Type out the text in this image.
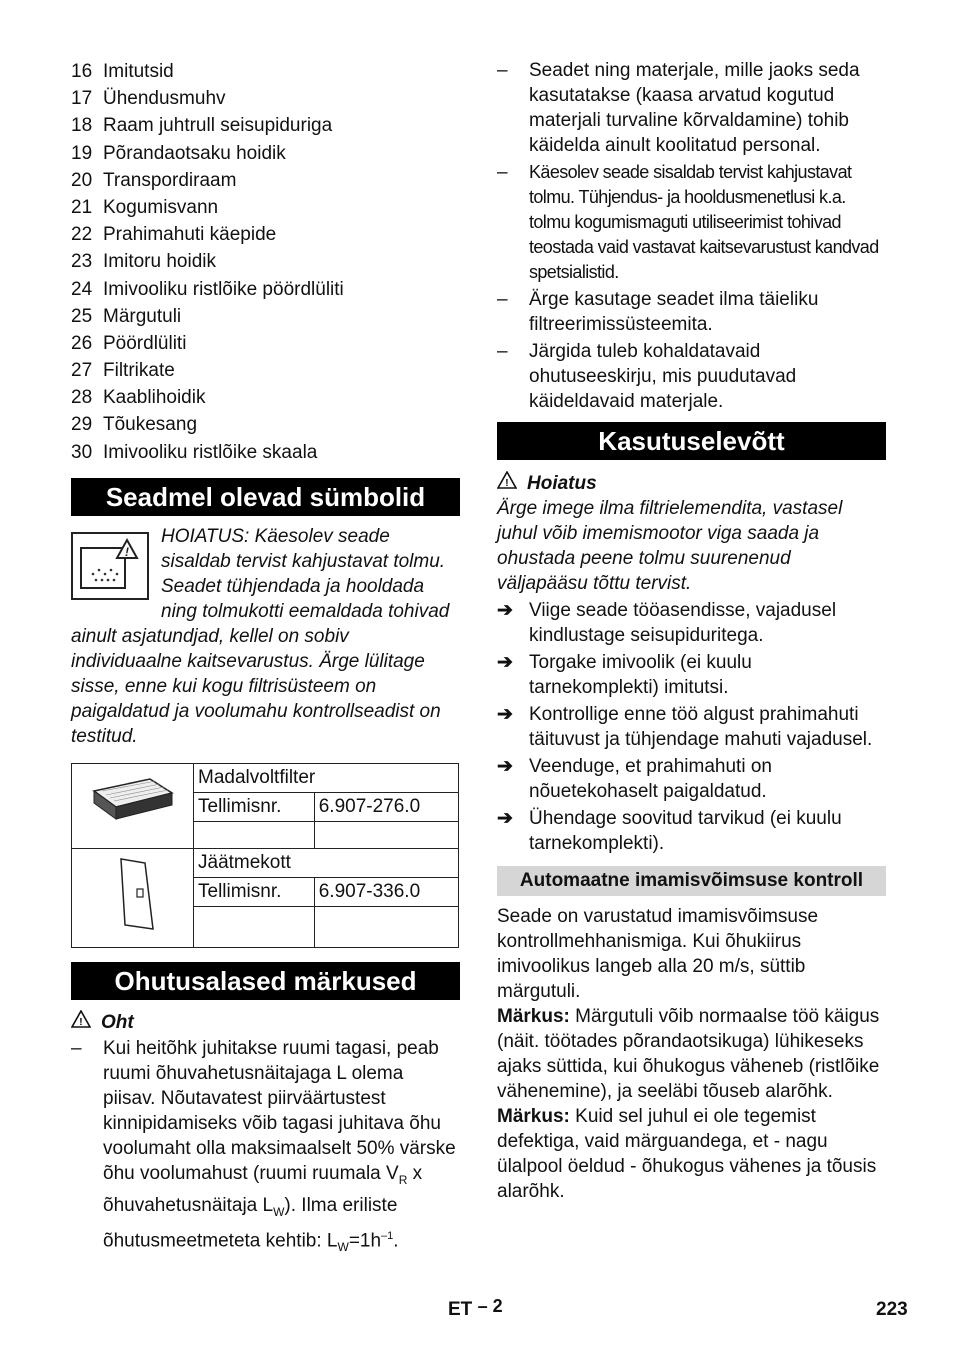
16 Imitutsid
17 Ühendusmuhv
18 Raam juhtrull seisupiduriga
19 Põrandaotsaku hoidik
20 Transpordiraam
21 Kogumisvann
22 Prahimahuti käepide
23 Imitoru hoidik
24 Imivooliku ristlõike pöördlüliti
25 Märgutuli
26 Pöördlüliti
27 Filtrikate
28 Kaablihoidik
29 Tõukesang
30 Imivooliku ristlõike skaala
Seadmel olevad sümbolid
!

HOIATUS: Käesolev seade sisaldab tervist kahjustavat tolmu. Seadet tühjendada ja hooldada ning tolmukotti eemaldada tohivad ainult asjatundjad, kellel on sobiv individuaalne kaitsevarustus. Ärge lülitage sisse, enne kui kogu filtrisüsteem on paigaldatud ja voolumahu kontrollseadist on testitud.

	Madalvoltfilter	
	Tellimisnr.	6.907-276.0

	Jäätmekott	
	Tellimisnr.	6.907-336.0

Ohutusalased märkused
! Oht
–	Kui heitõhk juhitakse ruumi tagasi, peab ruumi õhuvahetusnäitajaga L olema piisav. Nõutavatest piirväärtustest kinnipidamiseks võib tagasi juhitava õhu voolumaht olla maksimaalselt 50% värske õhu voolumahust (ruumi ruumala $V_R$ x õhuvahetusnäitaja $L_W$). Ilma eriliste õhutusmeetmeteta kehtib: $L_W=1h^{-1}$.
–	Seadet ning materjale, mille jaoks seda kasutatakse (kaasa arvatud kogutud materjali turvaline kõrvaldamine) tohib käidelda ainult koolitatud personal.
–	Käesolev seade sisaldab tervist kahjustavat tolmu. Tühjendus- ja hooldusmenetlusi k.a. tolmu kogumismaguti utiliseerimist tohivad teostada vaid vastavat kaitsevarustust kandvad spetsialistid.
–	Ärge kasutage seadet ilma täieliku filtreerimissüsteemita.
–	Järgida tuleb kohaldatavaid ohutuseeskirju, mis puudutavad käideldavaid materjale.
Kasutuselevõtt
! Hoiatus

Ärge imege ilma filtrielemendita, vastasel juhul võib imemismootor viga saada ja ohustada peene tolmu suurenenud väljapääsu tõttu tervist.

➔ Viige seade tööasendisse, vajadusel kindlustage seisupiduritega.
➔ Torgake imivoolik (ei kuulu tarnekomplekti) imitutsi.
➔ Kontrollige enne töö algust prahimahuti täituvust ja tühjendage mahuti vajadusel.
➔ Veenduge, et prahimahuti on nõuetekohaselt paigaldatud.
➔ Ühendage soovitud tarvikud (ei kuulu tarnekomplekti).
Automaatne imamisvõimsuse kontroll

Seade on varustatud imamisvõimsuse kontrollmehhanismiga. Kui õhukiirus imivoolikus langeb alla 20 m/s, süttib märgutuli.

Märkus: Märgutuli võib normaalse töö käigus (näit. töötades põrandaotsikuga) lühikeseks ajaks süttida, kui õhukogus väheneb (ristlõike vähenemine), ja seeläbi tõuseb alarõhk.

Märkus: Kuid sel juhul ei ole tegemist defektiga, vaid märguandega, et - nagu ülalpool öeldud - õhukogus vähenes ja tõusis alarõhk.

ET – 2	223
